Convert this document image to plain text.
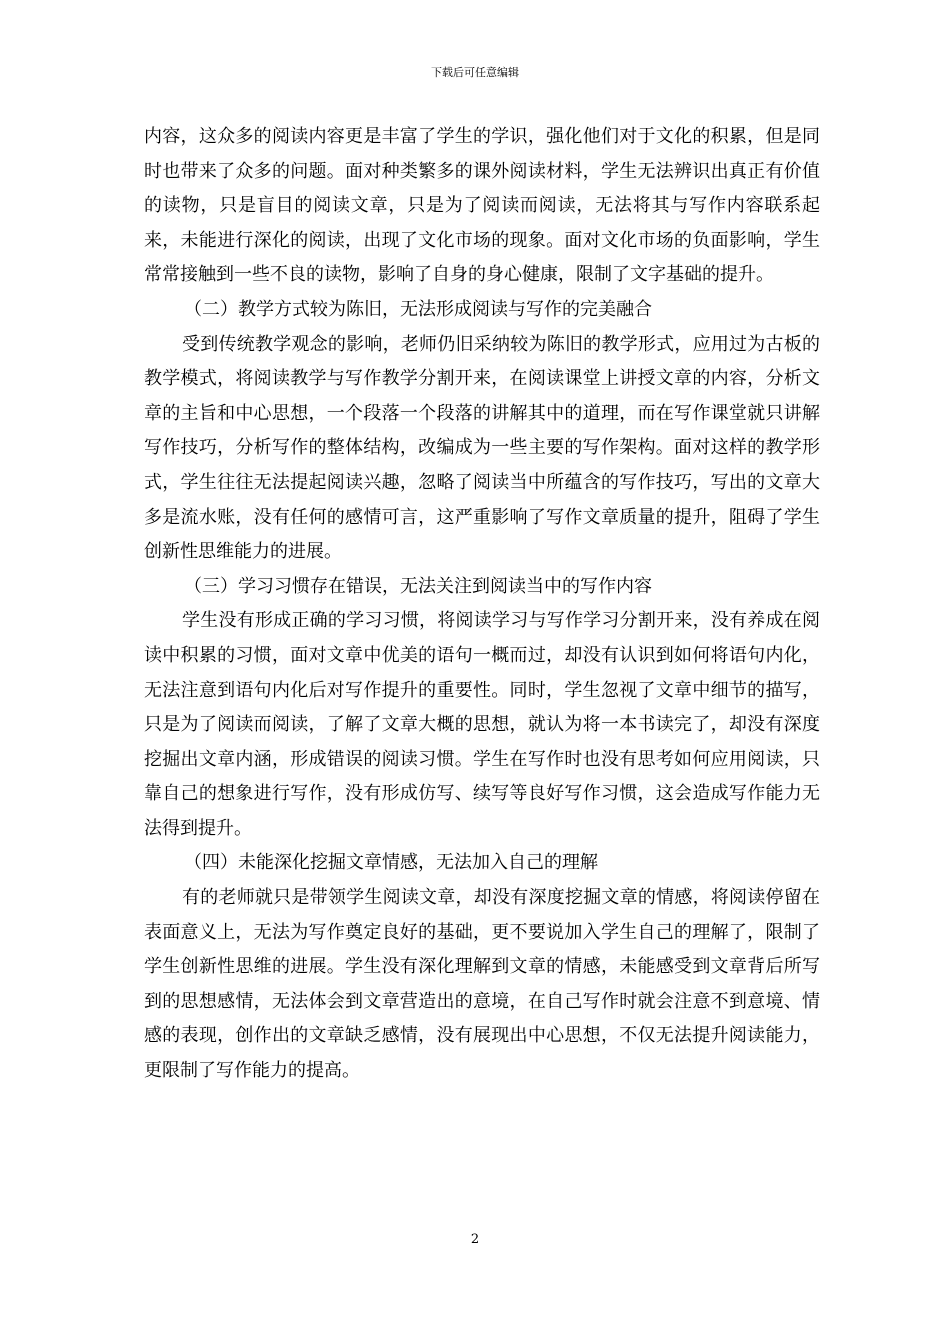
下载后可任意编辑

内容，这众多的阅读内容更是丰富了学生的学识，强化他们对于文化的积累，但是同时也带来了众多的问题。面对种类繁多的课外阅读材料，学生无法辨识出真正有价值的读物，只是盲目的阅读文章，只是为了阅读而阅读，无法将其与写作内容联系起来，未能进行深化的阅读，出现了文化市场的现象。面对文化市场的负面影响，学生常常接触到一些不良的读物，影响了自身的身心健康，限制了文字基础的提升。

（二）教学方式较为陈旧，无法形成阅读与写作的完美融合

受到传统教学观念的影响，老师仍旧采纳较为陈旧的教学形式，应用过为古板的教学模式，将阅读教学与写作教学分割开来，在阅读课堂上讲授文章的内容，分析文章的主旨和中心思想，一个段落一个段落的讲解其中的道理，而在写作课堂就只讲解写作技巧，分析写作的整体结构，改编成为一些主要的写作架构。面对这样的教学形式，学生往往无法提起阅读兴趣，忽略了阅读当中所蕴含的写作技巧，写出的文章大多是流水账，没有任何的感情可言，这严重影响了写作文章质量的提升，阻碍了学生创新性思维能力的进展。

（三）学习习惯存在错误，无法关注到阅读当中的写作内容

学生没有形成正确的学习习惯，将阅读学习与写作学习分割开来，没有养成在阅读中积累的习惯，面对文章中优美的语句一概而过，却没有认识到如何将语句内化，无法注意到语句内化后对写作提升的重要性。同时，学生忽视了文章中细节的描写，只是为了阅读而阅读，了解了文章大概的思想，就认为将一本书读完了，却没有深度挖掘出文章内涵，形成错误的阅读习惯。学生在写作时也没有思考如何应用阅读，只靠自己的想象进行写作，没有形成仿写、续写等良好写作习惯，这会造成写作能力无法得到提升。

（四）未能深化挖掘文章情感，无法加入自己的理解

有的老师就只是带领学生阅读文章，却没有深度挖掘文章的情感，将阅读停留在表面意义上，无法为写作奠定良好的基础，更不要说加入学生自己的理解了，限制了学生创新性思维的进展。学生没有深化理解到文章的情感，未能感受到文章背后所写到的思想感情，无法体会到文章营造出的意境，在自己写作时就会注意不到意境、情感的表现，创作出的文章缺乏感情，没有展现出中心思想，不仅无法提升阅读能力，更限制了写作能力的提高。

2
